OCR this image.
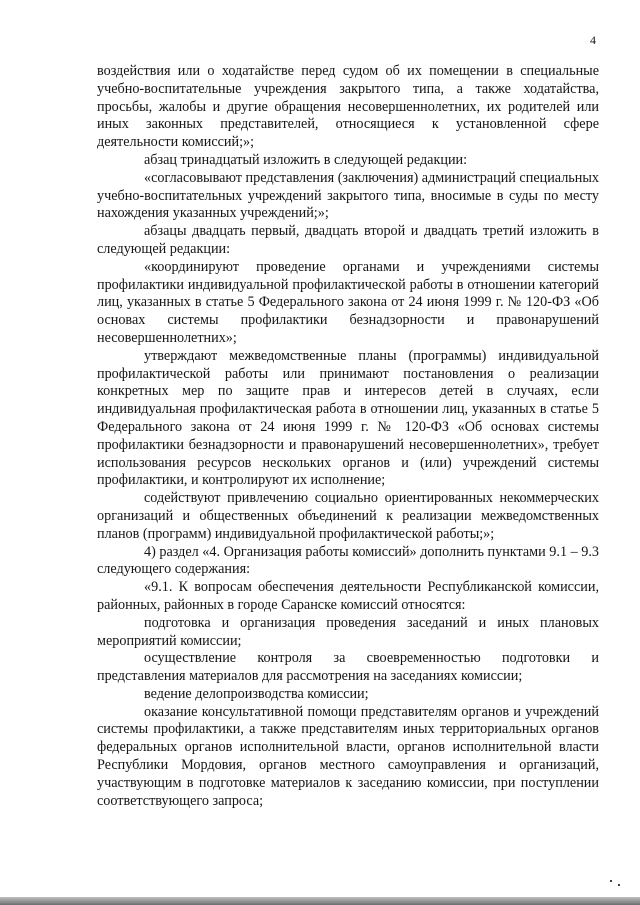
4

воздействия или о ходатайстве перед судом об их помещении в специальные учебно-воспитательные учреждения закрытого типа, а также ходатайства, просьбы, жалобы и другие обращения несовершеннолетних, их родителей или иных законных представителей, относящиеся к установленной сфере деятельности комиссий;»;

абзац тринадцатый изложить в следующей редакции:

«согласовывают представления (заключения) администраций специальных учебно-воспитательных учреждений закрытого типа, вносимые в суды по месту нахождения указанных учреждений;»;

абзацы двадцать первый, двадцать второй и двадцать третий изложить в следующей редакции:

«координируют проведение органами и учреждениями системы профилактики индивидуальной профилактической работы в отношении категорий лиц, указанных в статье 5 Федерального закона от 24 июня 1999 г. № 120-ФЗ «Об основах системы профилактики безнадзорности и правонарушений несовершеннолетних»;

утверждают межведомственные планы (программы) индивидуальной профилактической работы или принимают постановления о реализации конкретных мер по защите прав и интересов детей в случаях, если индивидуальная профилактическая работа в отношении лиц, указанных в статье 5 Федерального закона от 24 июня 1999 г. № 120-ФЗ «Об основах системы профилактики безнадзорности и правонарушений несовершеннолетних», требует использования ресурсов нескольких органов и (или) учреждений системы профилактики, и контролируют их исполнение;

содействуют привлечению социально ориентированных некоммерческих организаций и общественных объединений к реализации межведомственных планов (программ) индивидуальной профилактической работы;»;

4) раздел «4. Организация работы комиссий» дополнить пунктами 9.1 – 9.3 следующего содержания:

«9.1. К вопросам обеспечения деятельности Республиканской комиссии, районных, районных в городе Саранске комиссий относятся:

подготовка и организация проведения заседаний и иных плановых мероприятий комиссии;

осуществление контроля за своевременностью подготовки и представления материалов для рассмотрения на заседаниях комиссии;

ведение делопроизводства комиссии;

оказание консультативной помощи представителям органов и учреждений системы профилактики, а также представителям иных территориальных органов федеральных органов исполнительной власти, органов исполнительной власти Республики Мордовия, органов местного самоуправления и организаций, участвующим в подготовке материалов к заседанию комиссии, при поступлении соответствующего запроса;
